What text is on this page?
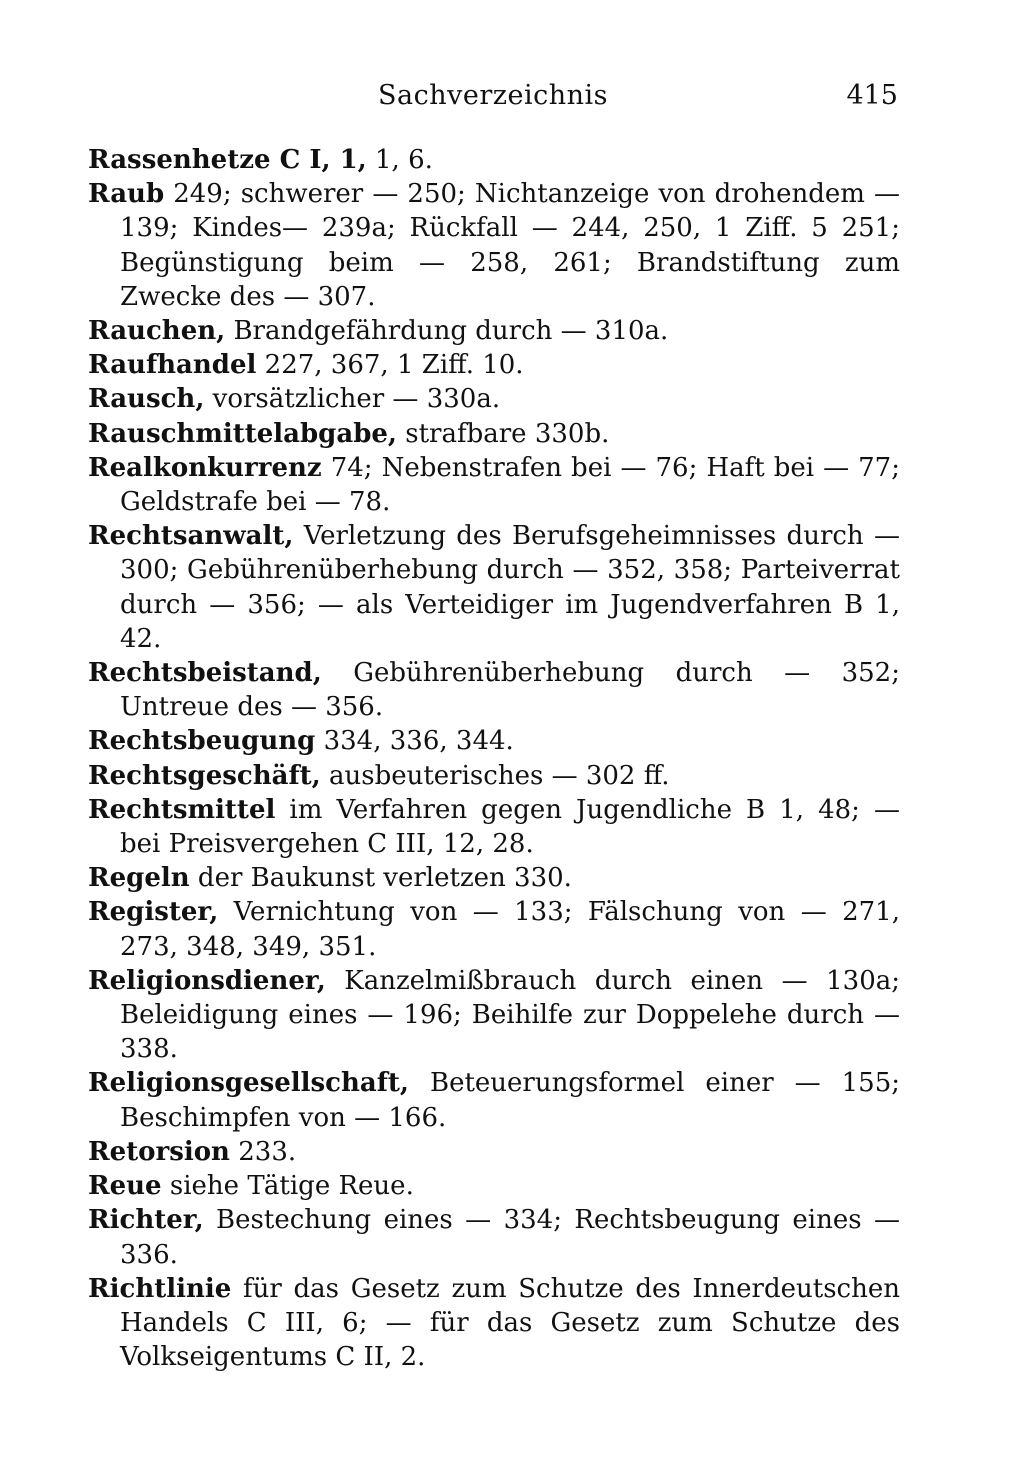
Sachverzeichnis	415

Rassenhetze C I, 1, 1, 6.

Raub 249; schwerer — 250; Nichtanzeige von drohendem — 139; Kindes— 239a; Rückfall — 244, 250, 1 Ziff. 5 251; Begünstigung beim — 258, 261; Brandstiftung zum Zwecke des — 307.

Rauchen, Brandgefährdung durch — 310a.

Raufhandel 227, 367, 1 Ziff. 10.

Rausch, vorsätzlicher — 330a.

Rauschmittelabgabe, strafbare 330b.

Realkonkurrenz 74; Nebenstrafen bei — 76; Haft bei — 77; Geldstrafe bei — 78.

Rechtsanwalt, Verletzung des Berufsgeheimnisses durch — 300; Gebührenüberhebung durch — 352, 358; Parteiverrat durch — 356; — als Verteidiger im Jugendverfahren B 1, 42.

Rechtsbeistand, Gebührenüberhebung durch — 352; Untreue des — 356.

Rechtsbeugung 334, 336, 344.

Rechtsgeschäft, ausbeuterisches — 302 ff.

Rechtsmittel im Verfahren gegen Jugendliche B 1, 48; — bei Preisvergehen C III, 12, 28.

Regeln der Baukunst verletzen 330.

Register, Vernichtung von — 133; Fälschung von — 271, 273, 348, 349, 351.

Religionsdiener, Kanzelmißbrauch durch einen — 130a; Beleidigung eines — 196; Beihilfe zur Doppelehe durch — 338.

Religionsgesellschaft, Beteuerungsformel einer — 155; Beschimpfen von — 166.

Retorsion 233.

Reue siehe Tätige Reue.

Richter, Bestechung eines — 334; Rechtsbeugung eines — 336.

Richtlinie für das Gesetz zum Schutze des Innerdeutschen Handels C III, 6; — für das Gesetz zum Schutze des Volkseigentums C II, 2.
